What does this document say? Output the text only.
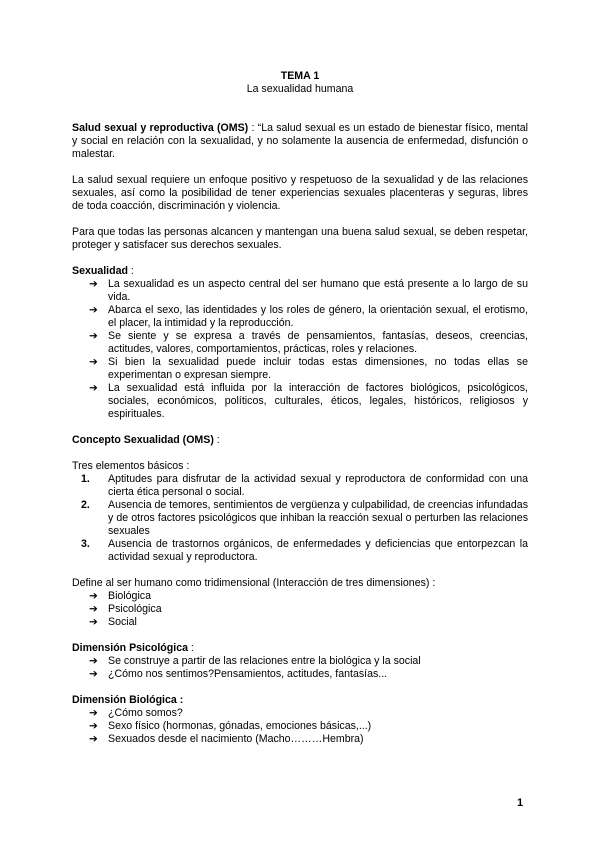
TEMA 1
La sexualidad humana

Salud sexual y reproductiva (OMS) : “La salud sexual es un estado de bienestar físico, mental y social en relación con la sexualidad, y no solamente la ausencia de enfermedad, disfunción o malestar.

La salud sexual requiere un enfoque positivo y respetuoso de la sexualidad y de las relaciones sexuales, así como la posibilidad de tener experiencias sexuales placenteras y seguras, libres de toda coacción, discriminación y violencia.

Para que todas las personas alcancen y mantengan una buena salud sexual, se deben respetar, proteger y satisfacer sus derechos sexuales.

Sexualidad :
➔ La sexualidad es un aspecto central del ser humano que está presente a lo largo de su vida.
➔ Abarca el sexo, las identidades y los roles de género, la orientación sexual, el erotismo, el placer, la intimidad y la reproducción.
➔ Se siente y se expresa a través de pensamientos, fantasías, deseos, creencias, actitudes, valores, comportamientos, prácticas, roles y relaciones.
➔ Si bien la sexualidad puede incluir todas estas dimensiones, no todas ellas se experimentan o expresan siempre.
➔ La sexualidad está influida por la interacción de factores biológicos, psicológicos, sociales, económicos, políticos, culturales, éticos, legales, históricos, religiosos y espirituales.
Concepto Sexualidad (OMS) :
Tres elementos básicos :
1. Aptitudes para disfrutar de la actividad sexual y reproductora de conformidad con una cierta ética personal o social.
2. Ausencia de temores, sentimientos de vergüenza y culpabilidad, de creencias infundadas y de otros factores psicológicos que inhiban la reacción sexual o perturben las relaciones sexuales
3. Ausencia de trastornos orgánicos, de enfermedades y deficiencias que entorpezcan la actividad sexual y reproductora.
Define al ser humano como tridimensional (Interacción de tres dimensiones) :
➔ Biológica
➔ Psicológica
➔ Social
Dimensión Psicológica :
➔ Se construye a partir de las relaciones entre la biológica y la social
➔ ¿Cómo nos sentimos?Pensamientos, actitudes, fantasías...
Dimensión Biológica :
➔ ¿Cómo somos?
➔ Sexo físico (hormonas, gónadas, emociones básicas,...)
➔ Sexuados desde el nacimiento (Macho………Hembra)
1
